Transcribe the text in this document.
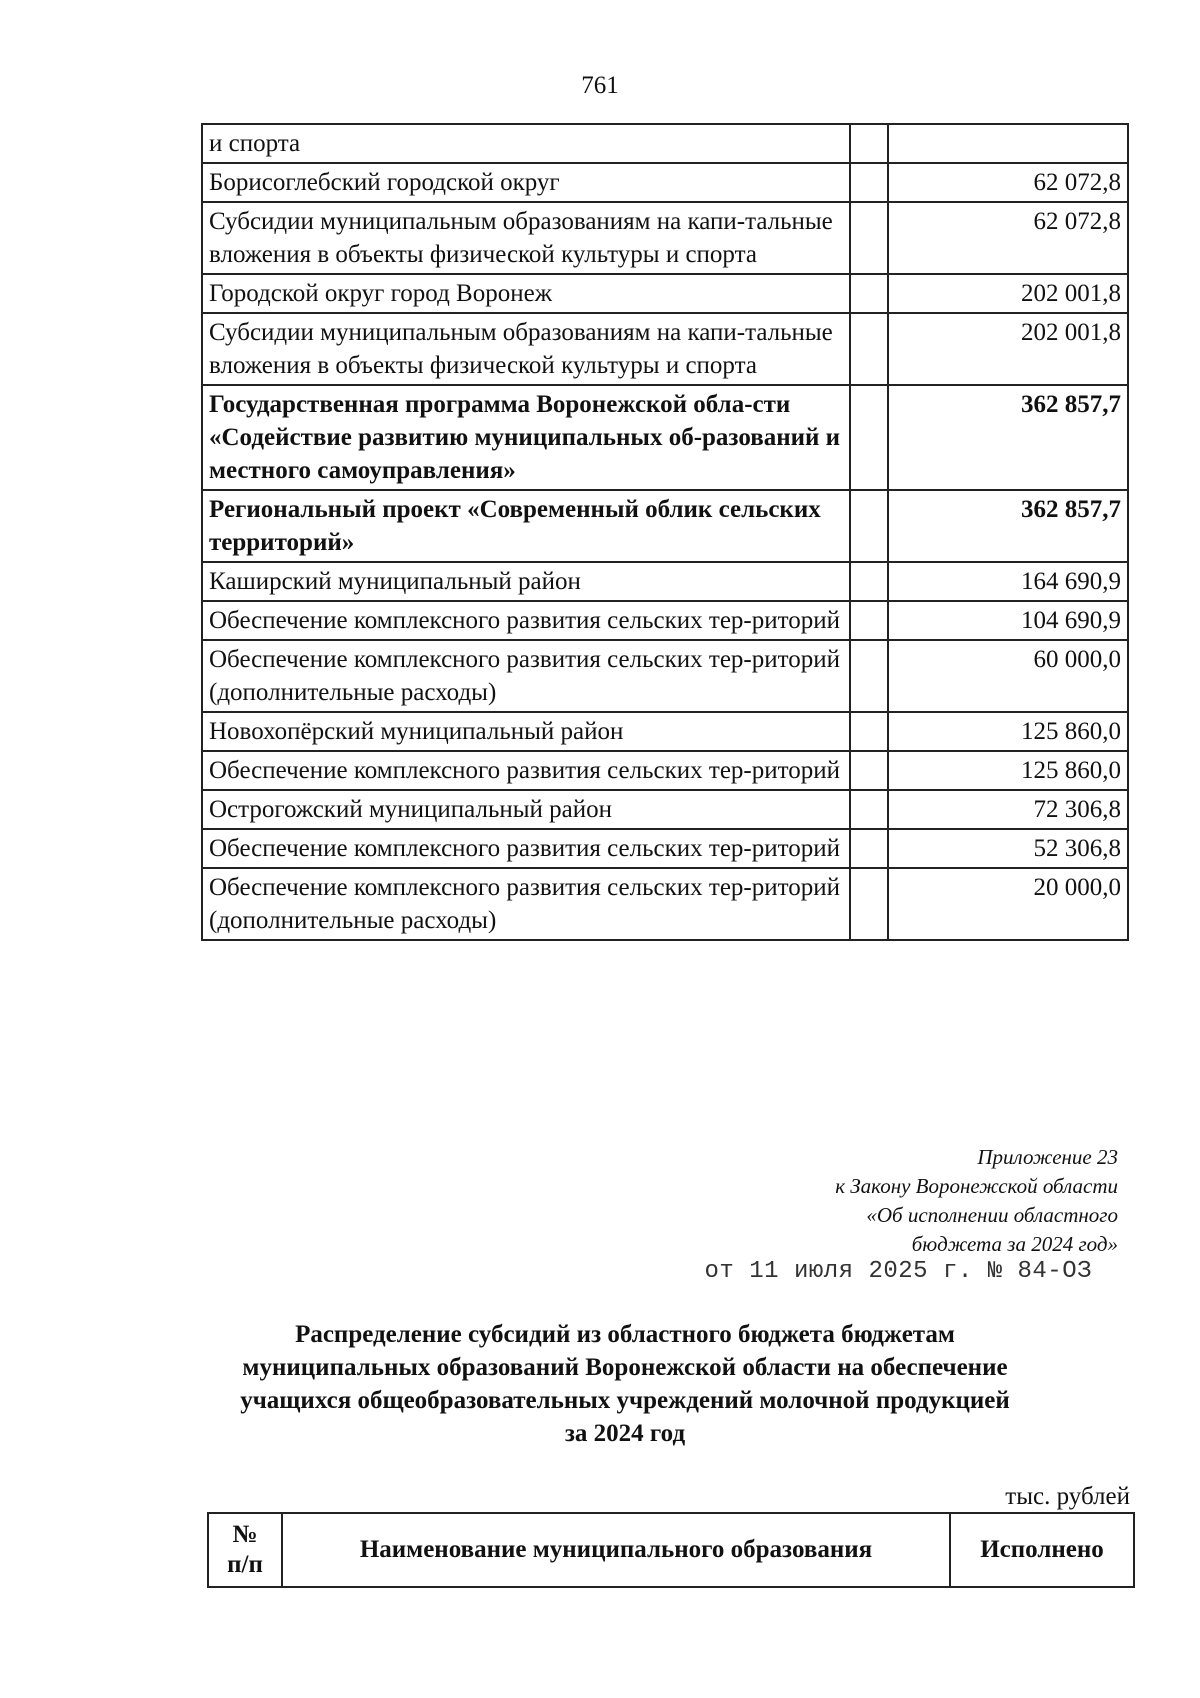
761
и спорта		
Борисоглебский городской округ		62 072,8
Субсидии муниципальным образованиям на капи-тальные вложения в объекты физической культуры и спорта		62 072,8
Городской округ город Воронеж		202 001,8
Субсидии муниципальным образованиям на капи-тальные вложения в объекты физической культуры и спорта		202 001,8
Государственная программа Воронежской обла-сти «Содействие развитию муниципальных об-разований и местного самоуправления»		362 857,7
Региональный проект «Современный облик сельских территорий»		362 857,7
Каширский муниципальный район		164 690,9
Обеспечение комплексного развития сельских тер-риторий		104 690,9
Обеспечение комплексного развития сельских тер-риторий (дополнительные расходы)		60 000,0
Новохопёрский муниципальный район		125 860,0
Обеспечение комплексного развития сельских тер-риторий		125 860,0
Острогожский муниципальный район		72 306,8
Обеспечение комплексного развития сельских тер-риторий		52 306,8
Обеспечение комплексного развития сельских тер-риторий (дополнительные расходы)		20 000,0
Приложение 23
к Закону Воронежской области
«Об исполнении областного
бюджета за 2024 год»
от 11 июля 2025 г. № 84-ОЗ
Распределение субсидий из областного бюджета бюджетам
муниципальных образований Воронежской области на обеспечение
учащихся общеобразовательных учреждений молочной продукцией
за 2024 год
тыс. рублей
№
п/п
	Наименование муниципального образования	Исполнено
